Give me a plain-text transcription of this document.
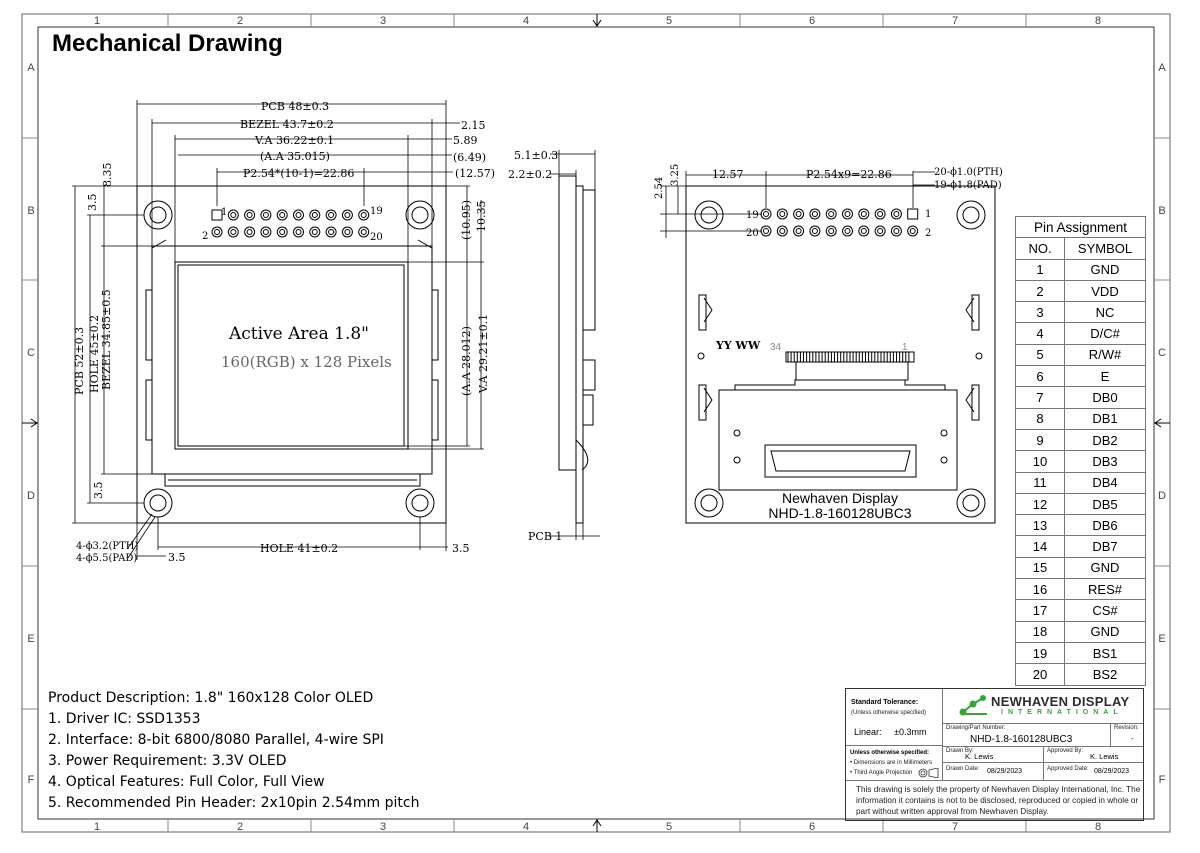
1	2	3	4	5	6	7	8
1	2	3	4	5	6	7	8
A
B
C
D
E
F
A
B
C
D
E
F
PCB 48±0.3
BEZEL 43.7±0.2
V.A 36.22±0.1
(A.A 35.015)
P2.54*(10-1)=22.86
2.15
5.89
(6.49)
(12.57)
1
2
19
20
Active Area 1.8"
160(RGB) x 128 Pixels
HOLE 41±0.2
3.5
3.5
4-ϕ3.2(PTH)
4-ϕ5.5(PAD)
PCB 52±0.3 HOLE 45±0.2 BEZEL 34.85±0.5
3.5
8.35
3.5
(10.95) 10.35
(A.A 28.012) V.A 29.21±0.1
5.1±0.3
2.2±0.2
PCB 1
12.57	P2.54x9=22.86	20-ϕ1.0(PTH)
19-ϕ1.8(PAD)
2.54
3.25
19
20
1
2
YY WW 34	1
Newhaven Display
NHD-1.8-160128UBC3
Mechanical Drawing
Pin Assignment	
NO.	SYMBOL
1	GND
2	VDD
3	NC
4	D/C#
5	R/W#
6	E
7	DB0
8	DB1
9	DB2
10	DB3
11	DB4
12	DB5
13	DB6
14	DB7
15	GND
16	RES#
17	CS#
18	GND
19	BS1
20	BS2
Product Description: 1.8" 160x128 Color OLED
1. Driver IC: SSD1353
2. Interface: 8-bit 6800/8080 Parallel, 4-wire SPI
3. Power Requirement: 3.3V OLED
4. Optical Features: Full Color, Full View
5. Recommended Pin Header: 2x10pin 2.54mm pitch
Standard Tolerance:
(Unless otherwise specified)
Linear: ±0.3mm
NEWHAVEN DISPLAY
INTERNATIONAL
Drawing/Part Number:
NHD-1.8-160128UBC3
Revision:
-
Unless otherwise specified:
• Dimensions are in Millimeters
• Third Angle Projection
Drawn By:
K. Lewis
Approved By:
K. Lewis
Drawn Date: 08/29/2023	Approved Date: 08/29/2023
This drawing is solely the property of Newhaven Display International, Inc. The information it contains is not to be disclosed, reproduced or copied in whole or part without written approval from Newhaven Display.
